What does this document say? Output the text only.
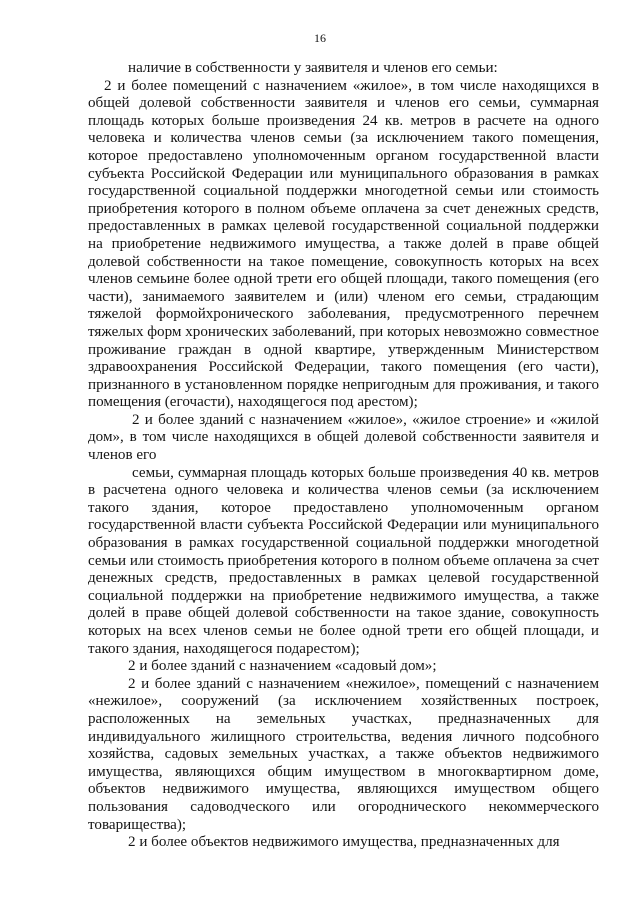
16

наличие в собственности у заявителя и членов его семьи:

2 и более помещений с назначением «жилое», в том числе находящихся в общей долевой собственности заявителя и членов его семьи, суммарная площадь которых больше произведения 24 кв. метров в расчете на одного человека и количества членов семьи (за исключением такого помещения, которое предоставлено уполномоченным органом государственной власти субъекта Российской Федерации или муниципального образования в рамках государственной социальной поддержки многодетной семьи или стоимость приобретения которого в полном объеме оплачена за счет денежных средств, предоставленных в рамках целевой государственной социальной поддержки на приобретение недвижимого имущества, а также долей в праве общей долевой собственности на такое помещение, совокупность которых на всех членов семьине более одной трети его общей площади, такого помещения (его части), занимаемого заявителем и (или) членом его семьи, страдающим тяжелой формойхронического заболевания, предусмотренного перечнем тяжелых форм хронических заболеваний, при которых невозможно совместное проживание граждан в одной квартире, утвержденным Министерством здравоохранения Российской Федерации, такого помещения (его части), признанного в установленном порядке непригодным для проживания, и такого помещения (егочасти), находящегося под арестом);

2 и более зданий с назначением «жилое», «жилое строение» и «жилой дом», в том числе находящихся в общей долевой собственности заявителя и членов его

семьи, суммарная площадь которых больше произведения 40 кв. метров в расчетена одного человека и количества членов семьи (за исключением такого здания, которое предоставлено уполномоченным органом государственной власти субъекта Российской Федерации или муниципального образования в рамках государственной социальной поддержки многодетной семьи или стоимость приобретения которого в полном объеме оплачена за счет денежных средств, предоставленных в рамках целевой государственной социальной поддержки на приобретение недвижимого имущества, а также долей в праве общей долевой собственности на такое здание, совокупность которых на всех членов семьи не более одной трети его общей площади, и такого здания, находящегося подарестом);

2 и более зданий с назначением «садовый дом»;

2 и более зданий с назначением «нежилое», помещений с назначением «нежилое», сооружений (за исключением хозяйственных построек, расположенных на земельных участках, предназначенных для индивидуального жилищного строительства, ведения личного подсобного хозяйства, садовых земельных участках, а также объектов недвижимого имущества, являющихся общим имуществом в многоквартирном доме, объектов недвижимого имущества, являющихся имуществом общего пользования садоводческого или огороднического некоммерческого товарищества);

2 и более объектов недвижимого имущества, предназначенных для
